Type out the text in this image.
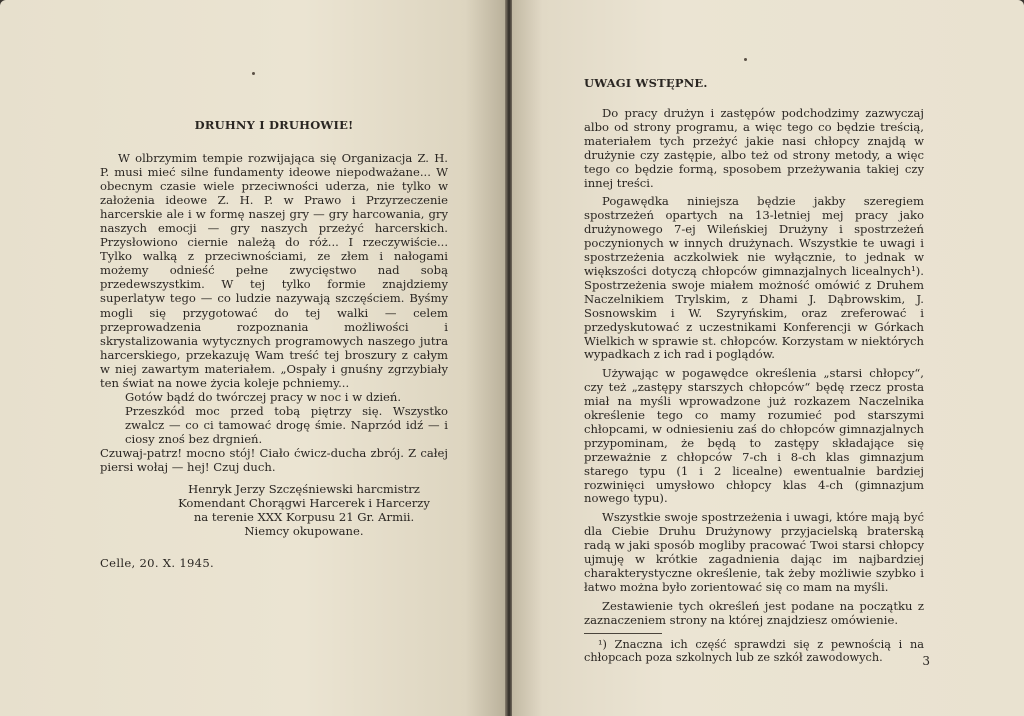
DRUHNY I DRUHOWIE!

W olbrzymim tempie rozwijająca się Organizacja Z. H. P. musi mieć silne fundamenty ideowe niepodważane... W obecnym czasie wiele przeciwności uderza, nie tylko w założenia ideowe Z. H. P. w Prawo i Przyrzeczenie harcerskie ale i w formę naszej gry — gry harcowania, gry naszych emocji — gry naszych przeżyć harcerskich. Przysłowiono ciernie należą do róż... I rzeczywiście... Tylko walką z przeciwnościami, ze złem i nałogami możemy odnieść pełne zwycięstwo nad sobą przedewszystkim. W tej tylko formie znajdziemy superlatyw tego — co ludzie nazywają szczęściem. Byśmy mogli się przygotować do tej walki — celem przeprowadzenia rozpoznania możliwości i skrystalizowania wytycznych programowych naszego jutra harcerskiego, przekazuję Wam treść tej broszury z całym w niej zawartym materiałem. „Ospały i gnuśny zgrzybiały ten świat na nowe życia koleje pchniemy...

Gotów bądź do twórczej pracy w noc i w dzień.

Przeszkód moc przed tobą piętrzy się. Wszystko zwalcz — co ci tamować drogę śmie. Naprzód idź — i ciosy znoś bez drgnień.

Czuwaj-patrz! mocno stój! Ciało ćwicz-ducha zbrój. Z całej piersi wołaj — hej! Czuj duch.

Henryk Jerzy Szczęśniewski harcmistrz
Komendant Chorągwi Harcerek i Harcerzy
na terenie XXX Korpusu 21 Gr. Armii.
Niemcy okupowane.

Celle, 20. X. 1945.

UWAGI WSTĘPNE.

Do pracy drużyn i zastępów podchodzimy zazwyczaj albo od strony programu, a więc tego co będzie treścią, materiałem tych przeżyć jakie nasi chłopcy znajdą w drużynie czy zastępie, albo też od strony metody, a więc tego co będzie formą, sposobem przeżywania takiej czy innej treści.

Pogawędka niniejsza będzie jakby szeregiem spostrzeżeń opartych na 13-letniej mej pracy jako drużynowego 7-ej Wileńskiej Drużyny i spostrzeżeń poczynionych w innych drużynach. Wszystkie te uwagi i spostrzeżenia aczkolwiek nie wyłącznie, to jednak w większości dotyczą chłopców gimnazjalnych licealnych¹). Spostrzeżenia swoje miałem możność omówić z Druhem Naczelnikiem Trylskim, z Dhami J. Dąbrowskim, J. Sosnowskim i W. Szyryńskim, oraz zreferować i przedyskutować z uczestnikami Konferencji w Górkach Wielkich w sprawie st. chłopców. Korzystam w niektórych wypadkach z ich rad i poglądów.

Używając w pogawędce określenia „starsi chłopcy“, czy też „zastępy starszych chłopców“ będę rzecz prosta miał na myśli wprowadzone już rozkazem Naczelnika określenie tego co mamy rozumieć pod starszymi chłopcami, w odniesieniu zaś do chłopców gimnazjalnych przypominam, że będą to zastępy składające się przeważnie z chłopców 7-ch i 8-ch klas gimnazjum starego typu (1 i 2 licealne) ewentualnie bardziej rozwinięci umysłowo chłopcy klas 4-ch (gimnazjum nowego typu).

Wszystkie swoje spostrzeżenia i uwagi, które mają być dla Ciebie Druhu Drużynowy przyjacielską braterską radą w jaki sposób mogliby pracować Twoi starsi chłopcy ujmuję w krótkie zagadnienia dając im najbardziej charakterystyczne określenie, tak żeby możliwie szybko i łatwo można było zorientować się co mam na myśli.

Zestawienie tych określeń jest podane na początku z zaznaczeniem strony na której znajdziesz omówienie.

¹) Znaczna ich część sprawdzi się z pewnością i na chłopcach poza szkolnych lub ze szkół zawodowych.	3
